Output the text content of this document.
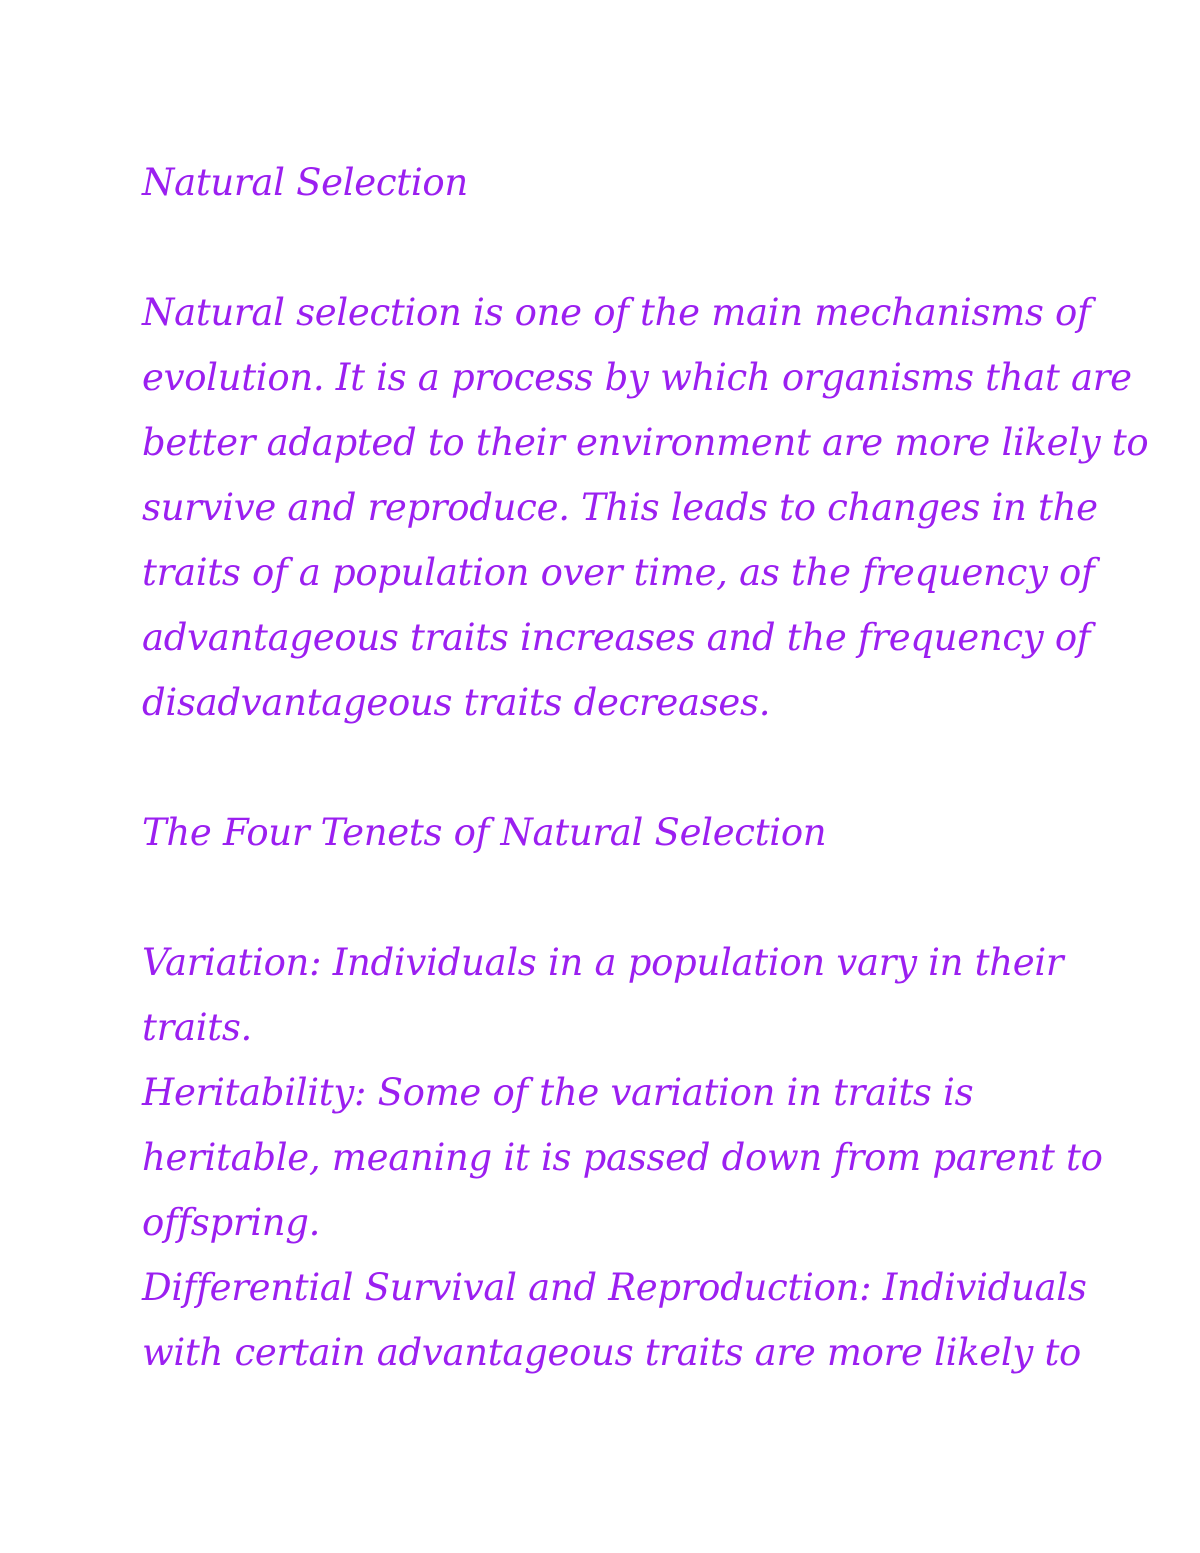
Natural Selection

Natural selection is one of the main mechanisms of
evolution. It is a process by which organisms that are
better adapted to their environment are more likely to
survive and reproduce. This leads to changes in the
traits of a population over time, as the frequency of
advantageous traits increases and the frequency of
disadvantageous traits decreases.

The Four Tenets of Natural Selection

Variation: Individuals in a population vary in their
traits.
Heritability: Some of the variation in traits is
heritable, meaning it is passed down from parent to
offspring.
Differential Survival and Reproduction: Individuals
with certain advantageous traits are more likely to
